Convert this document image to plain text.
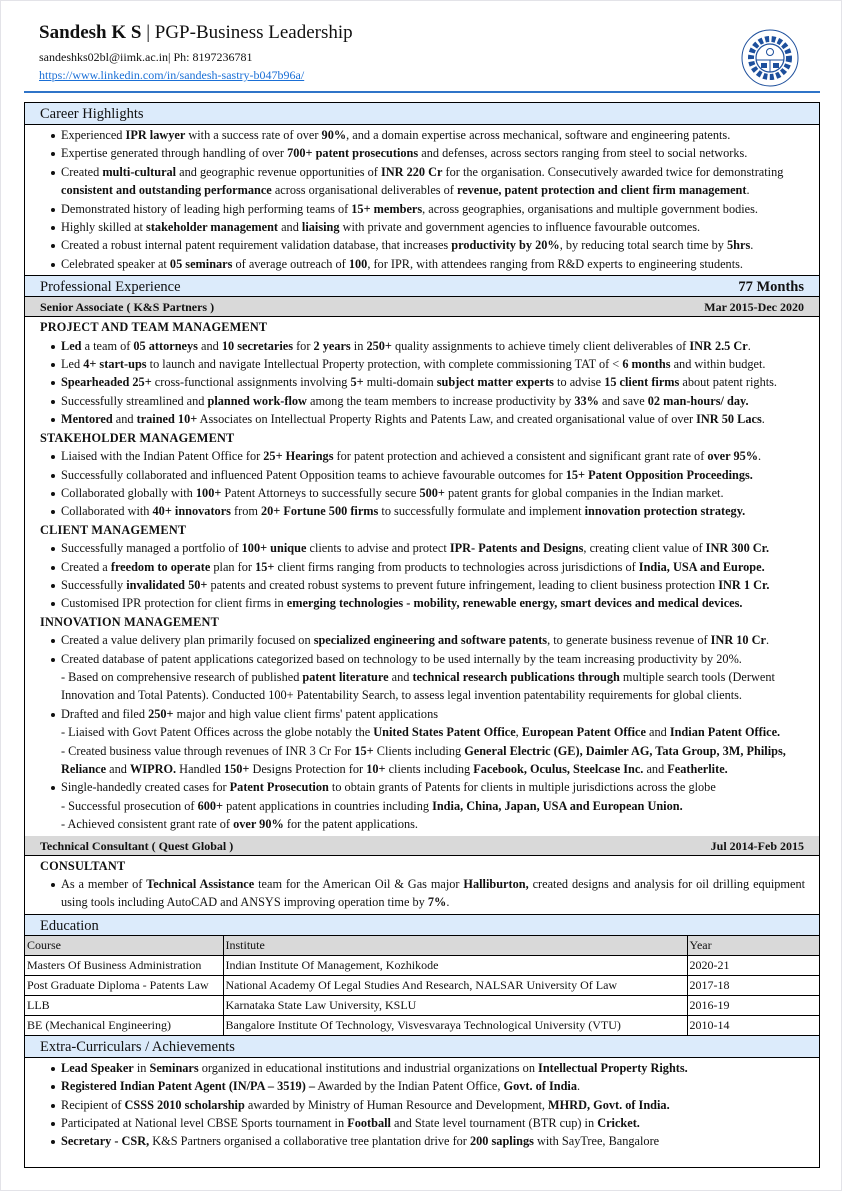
Sandesh K S | PGP-Business Leadership
sandeshks02bl@iimk.ac.in| Ph: 8197236781
https://www.linkedin.com/in/sandesh-sastry-b047b96a/
Career Highlights
Experienced IPR lawyer with a success rate of over 90%, and a domain expertise across mechanical, software and engineering patents.
Expertise generated through handling of over 700+ patent prosecutions and defenses, across sectors ranging from steel to social networks.
Created multi-cultural and geographic revenue opportunities of INR 220 Cr for the organisation. Consecutively awarded twice for demonstrating consistent and outstanding performance across organisational deliverables of revenue, patent protection and client firm management.
Demonstrated history of leading high performing teams of 15+ members, across geographies, organisations and multiple government bodies.
Highly skilled at stakeholder management and liaising with private and government agencies to influence favourable outcomes.
Created a robust internal patent requirement validation database, that increases productivity by 20%, by reducing total search time by 5hrs.
Celebrated speaker at 05 seminars of average outreach of 100, for IPR, with attendees ranging from R&D experts to engineering students.
Professional Experience	77 Months
Senior Associate ( K&S Partners )	Mar 2015-Dec 2020
PROJECT AND TEAM MANAGEMENT
Led a team of 05 attorneys and 10 secretaries for 2 years in 250+ quality assignments to achieve timely client deliverables of INR 2.5 Cr.
Led 4+ start-ups to launch and navigate Intellectual Property protection, with complete commissioning TAT of < 6 months and within budget.
Spearheaded 25+ cross-functional assignments involving 5+ multi-domain subject matter experts to advise 15 client firms about patent rights.
Successfully streamlined and planned work-flow among the team members to increase productivity by 33% and save 02 man-hours/ day.
Mentored and trained 10+ Associates on Intellectual Property Rights and Patents Law, and created organisational value of over INR 50 Lacs.
STAKEHOLDER MANAGEMENT
Liaised with the Indian Patent Office for 25+ Hearings for patent protection and achieved a consistent and significant grant rate of over 95%.
Successfully collaborated and influenced Patent Opposition teams to achieve favourable outcomes for 15+ Patent Opposition Proceedings.
Collaborated globally with 100+ Patent Attorneys to successfully secure 500+ patent grants for global companies in the Indian market.
Collaborated with 40+ innovators from 20+ Fortune 500 firms to successfully formulate and implement innovation protection strategy.
CLIENT MANAGEMENT
Successfully managed a portfolio of 100+ unique clients to advise and protect IPR- Patents and Designs, creating client value of INR 300 Cr.
Created a freedom to operate plan for 15+ client firms ranging from products to technologies across jurisdictions of India, USA and Europe.
Successfully invalidated 50+ patents and created robust systems to prevent future infringement, leading to client business protection INR 1 Cr.
Customised IPR protection for client firms in emerging technologies - mobility, renewable energy, smart devices and medical devices.
INNOVATION MANAGEMENT
Created a value delivery plan primarily focused on specialized engineering and software patents, to generate business revenue of INR 10 Cr.
Created database of patent applications categorized based on technology to be used internally by the team increasing productivity by 20%.
- Based on comprehensive research of published patent literature and technical research publications through multiple search tools (Derwent Innovation and Total Patents). Conducted 100+ Patentability Search, to assess legal invention patentability requirements for global clients.
Drafted and filed 250+ major and high value client firms' patent applications
- Liaised with Govt Patent Offices across the globe notably the United States Patent Office, European Patent Office and Indian Patent Office.
- Created business value through revenues of INR 3 Cr For 15+ Clients including General Electric (GE), Daimler AG, Tata Group, 3M, Philips, Reliance and WIPRO. Handled 150+ Designs Protection for 10+ clients including Facebook, Oculus, Steelcase Inc. and Featherlite.
Single-handedly created cases for Patent Prosecution to obtain grants of Patents for clients in multiple jurisdictions across the globe
- Successful prosecution of 600+ patent applications in countries including India, China, Japan, USA and European Union.
- Achieved consistent grant rate of over 90% for the patent applications.
Technical Consultant ( Quest Global )	Jul 2014-Feb 2015
CONSULTANT
As a member of Technical Assistance team for the American Oil & Gas major Halliburton, created designs and analysis for oil drilling equipment using tools including AutoCAD and ANSYS improving operation time by 7%.
Education
Course	Institute	Year
Masters Of Business Administration	Indian Institute Of Management, Kozhikode	2020-21
Post Graduate Diploma - Patents Law	National Academy Of Legal Studies And Research, NALSAR University Of Law	2017-18
LLB	Karnataka State Law University, KSLU	2016-19
BE (Mechanical Engineering)	Bangalore Institute Of Technology, Visvesvaraya Technological University (VTU)	2010-14
Extra-Curriculars / Achievements
Lead Speaker in Seminars organized in educational institutions and industrial organizations on Intellectual Property Rights.
Registered Indian Patent Agent (IN/PA – 3519) – Awarded by the Indian Patent Office, Govt. of India.
Recipient of CSSS 2010 scholarship awarded by Ministry of Human Resource and Development, MHRD, Govt. of India.
Participated at National level CBSE Sports tournament in Football and State level tournament (BTR cup) in Cricket.
Secretary - CSR, K&S Partners organised a collaborative tree plantation drive for 200 saplings with SayTree, Bangalore
